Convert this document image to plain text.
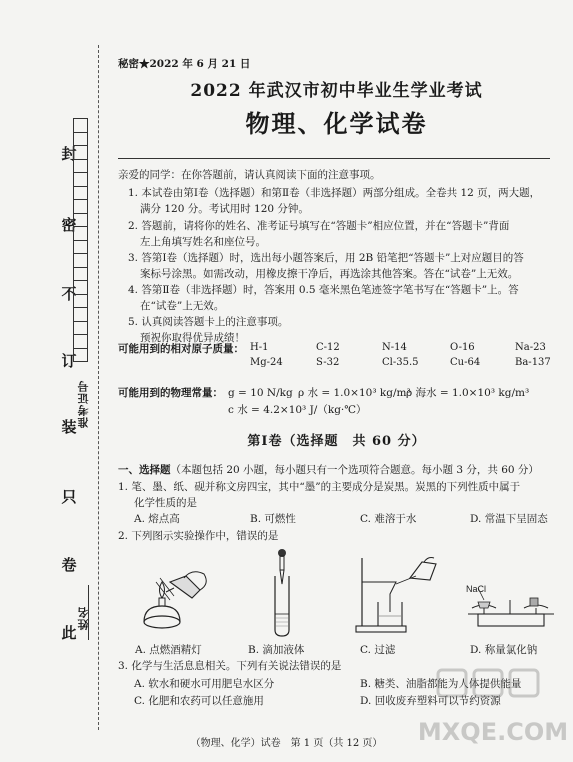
封
密
不
订
装
只
卷
此
准考证号
姓名
秘密★2022 年 6 月 21 日
2022 年武汉市初中毕业生学业考试
物理、化学试卷
亲爱的同学：在你答题前，请认真阅读下面的注意事项。
1. 本试卷由第Ⅰ卷（选择题）和第Ⅱ卷（非选择题）两部分组成。全卷共 12 页，两大题，
满分 120 分。考试用时 120 分钟。
2. 答题前，请将你的姓名、准考证号填写在“答题卡”相应位置，并在“答题卡”背面
左上角填写姓名和座位号。
3. 答第Ⅰ卷（选择题）时，选出每小题答案后，用 2B 铅笔把“答题卡”上对应题目的答
案标号涂黑。如需改动，用橡皮擦干净后，再选涂其他答案。答在“试卷”上无效。
4. 答第Ⅱ卷（非选择题）时，答案用 0.5 毫米黑色笔迹签字笔书写在“答题卡”上。答
在“试卷”上无效。
5. 认真阅读答题卡上的注意事项。
预祝你取得优异成绩！
可能用到的相对原子质量： H-1	C-12	N-14	O-16	Na-23
Mg-24	S-32	Cl-35.5	Cu-64	Ba-137
可能用到的物理常量： g = 10 N/kg ρ 水 = 1.0×10³ kg/m³
ρ 海水 = 1.0×10³ kg/m³
c 水 = 4.2×10³ J/（kg·℃）
第Ⅰ卷（选择题　共 60 分）
一、选择题（本题包括 20 小题，每小题只有一个选项符合题意。每小题 3 分，共 60 分）
1. 笔、墨、纸、砚并称文房四宝，其中“墨”的主要成分是炭黑。炭黑的下列性质中属于
化学性质的是
A. 熔点高	B. 可燃性	C. 难溶于水	D. 常温下呈固态
2. 下列图示实验操作中，错误的是
A. 点燃酒精灯	B. 滴加液体	C. 过滤
NaCl
D. 称量氯化钠
3. 化学与生活息息相关。下列有关说法错误的是
A. 软水和硬水可用肥皂水区分	B. 糖类、油脂都能为人体提供能量
C. 化肥和农药可以任意施用	D. 回收废弃塑料可以节约资源
（物理、化学）试卷　第 1 页（共 12 页）	MXQE.COM
